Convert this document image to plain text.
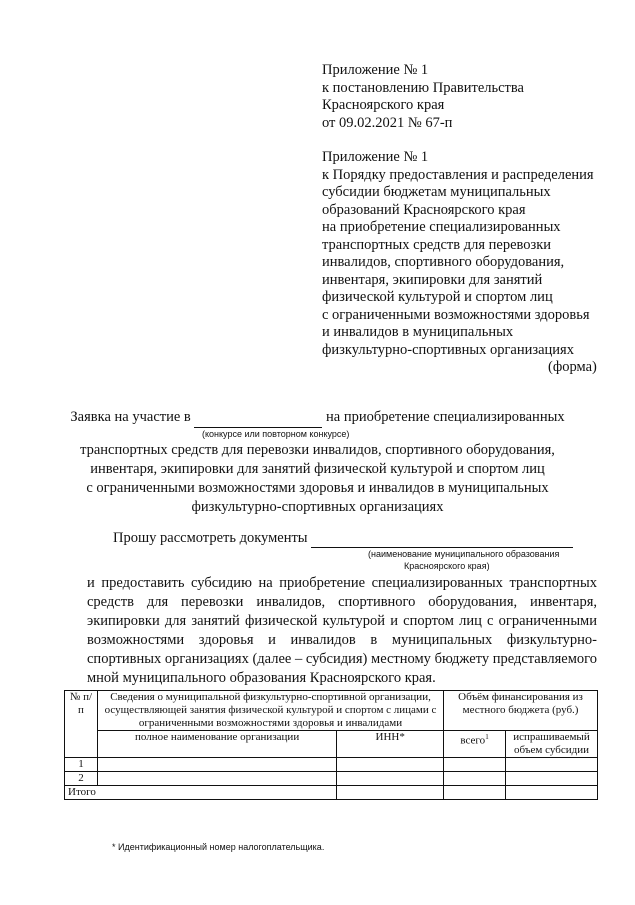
Приложение № 1
к постановлению Правительства
Красноярского края
от 09.02.2021 № 67-п
Приложение № 1
к Порядку предоставления и распределения
субсидии бюджетам муниципальных
образований Красноярского края
на приобретение специализированных
транспортных средств для перевозки
инвалидов, спортивного оборудования,
инвентаря, экипировки для занятий
физической культурой и спортом лиц
с ограниченными возможностями здоровья
и инвалидов в муниципальных
физкультурно-спортивных организациях
(форма)
Заявка на участие в	на приобретение специализированных
(конкурсе или повторном конкурсе)
транспортных средств для перевозки инвалидов, спортивного оборудования,
инвентаря, экипировки для занятий физической культурой и спортом лиц
с ограниченными возможностями здоровья и инвалидов в муниципальных
физкультурно-спортивных организациях
Прошу рассмотреть документы
(наименование муниципального образования
Красноярского края)
и предоставить субсидию на приобретение специализированных транспортных
средств для перевозки инвалидов, спортивного оборудования, инвентаря,
экипировки для занятий физической культурой и спортом лиц с ограниченными
возможностями здоровья и инвалидов в муниципальных физкультурно-
спортивных организациях (далее – субсидия) местному бюджету представляемого
мной муниципального образования Красноярского края.
№ п/п	Сведения о муниципальной физкультурно-спортивной организации, осуществляющей занятия физической культурой и спортом с лицами с ограниченными возможностями здоровья и инвалидами		Объём финансирования из местного бюджета (руб.)	
	полное наименование организации	ИНН*	всего$^1$	испрашиваемый объем субсидии
1				
2				
Итого				
* Идентификационный номер налогоплательщика.
